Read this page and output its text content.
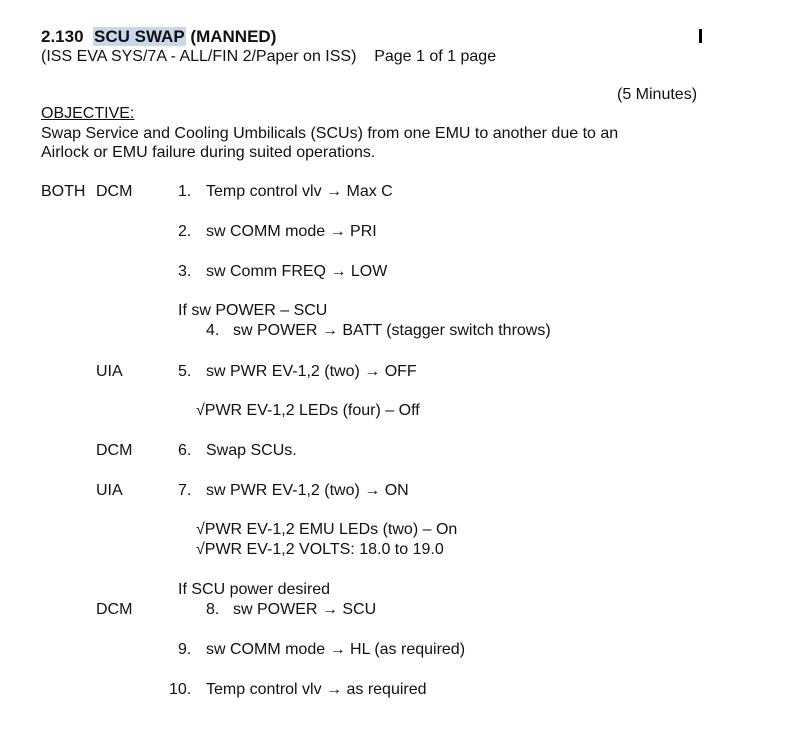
2.130 SCU SWAP (MANNED)
(ISS EVA SYS/7A - ALL/FIN 2/Paper on ISS) Page 1 of 1 page
(5 Minutes)
OBJECTIVE:
Swap Service and Cooling Umbilicals (SCUs) from one EMU to another due to an
Airlock or EMU failure during suited operations.
BOTH DCM
UIA
DCM
UIA
DCM
1. Temp control vlv → Max C
2. sw COMM mode → PRI
3. sw Comm FREQ → LOW
If sw POWER – SCU
4. sw POWER → BATT (stagger switch throws)
5. sw PWR EV-1,2 (two) → OFF
√PWR EV-1,2 LEDs (four) – Off
6. Swap SCUs.
7. sw PWR EV-1,2 (two) → ON
√PWR EV-1,2 EMU LEDs (two) – On
√PWR EV-1,2 VOLTS: 18.0 to 19.0
If SCU power desired
8. sw POWER → SCU
9. sw COMM mode → HL (as required)
10. Temp control vlv → as required
